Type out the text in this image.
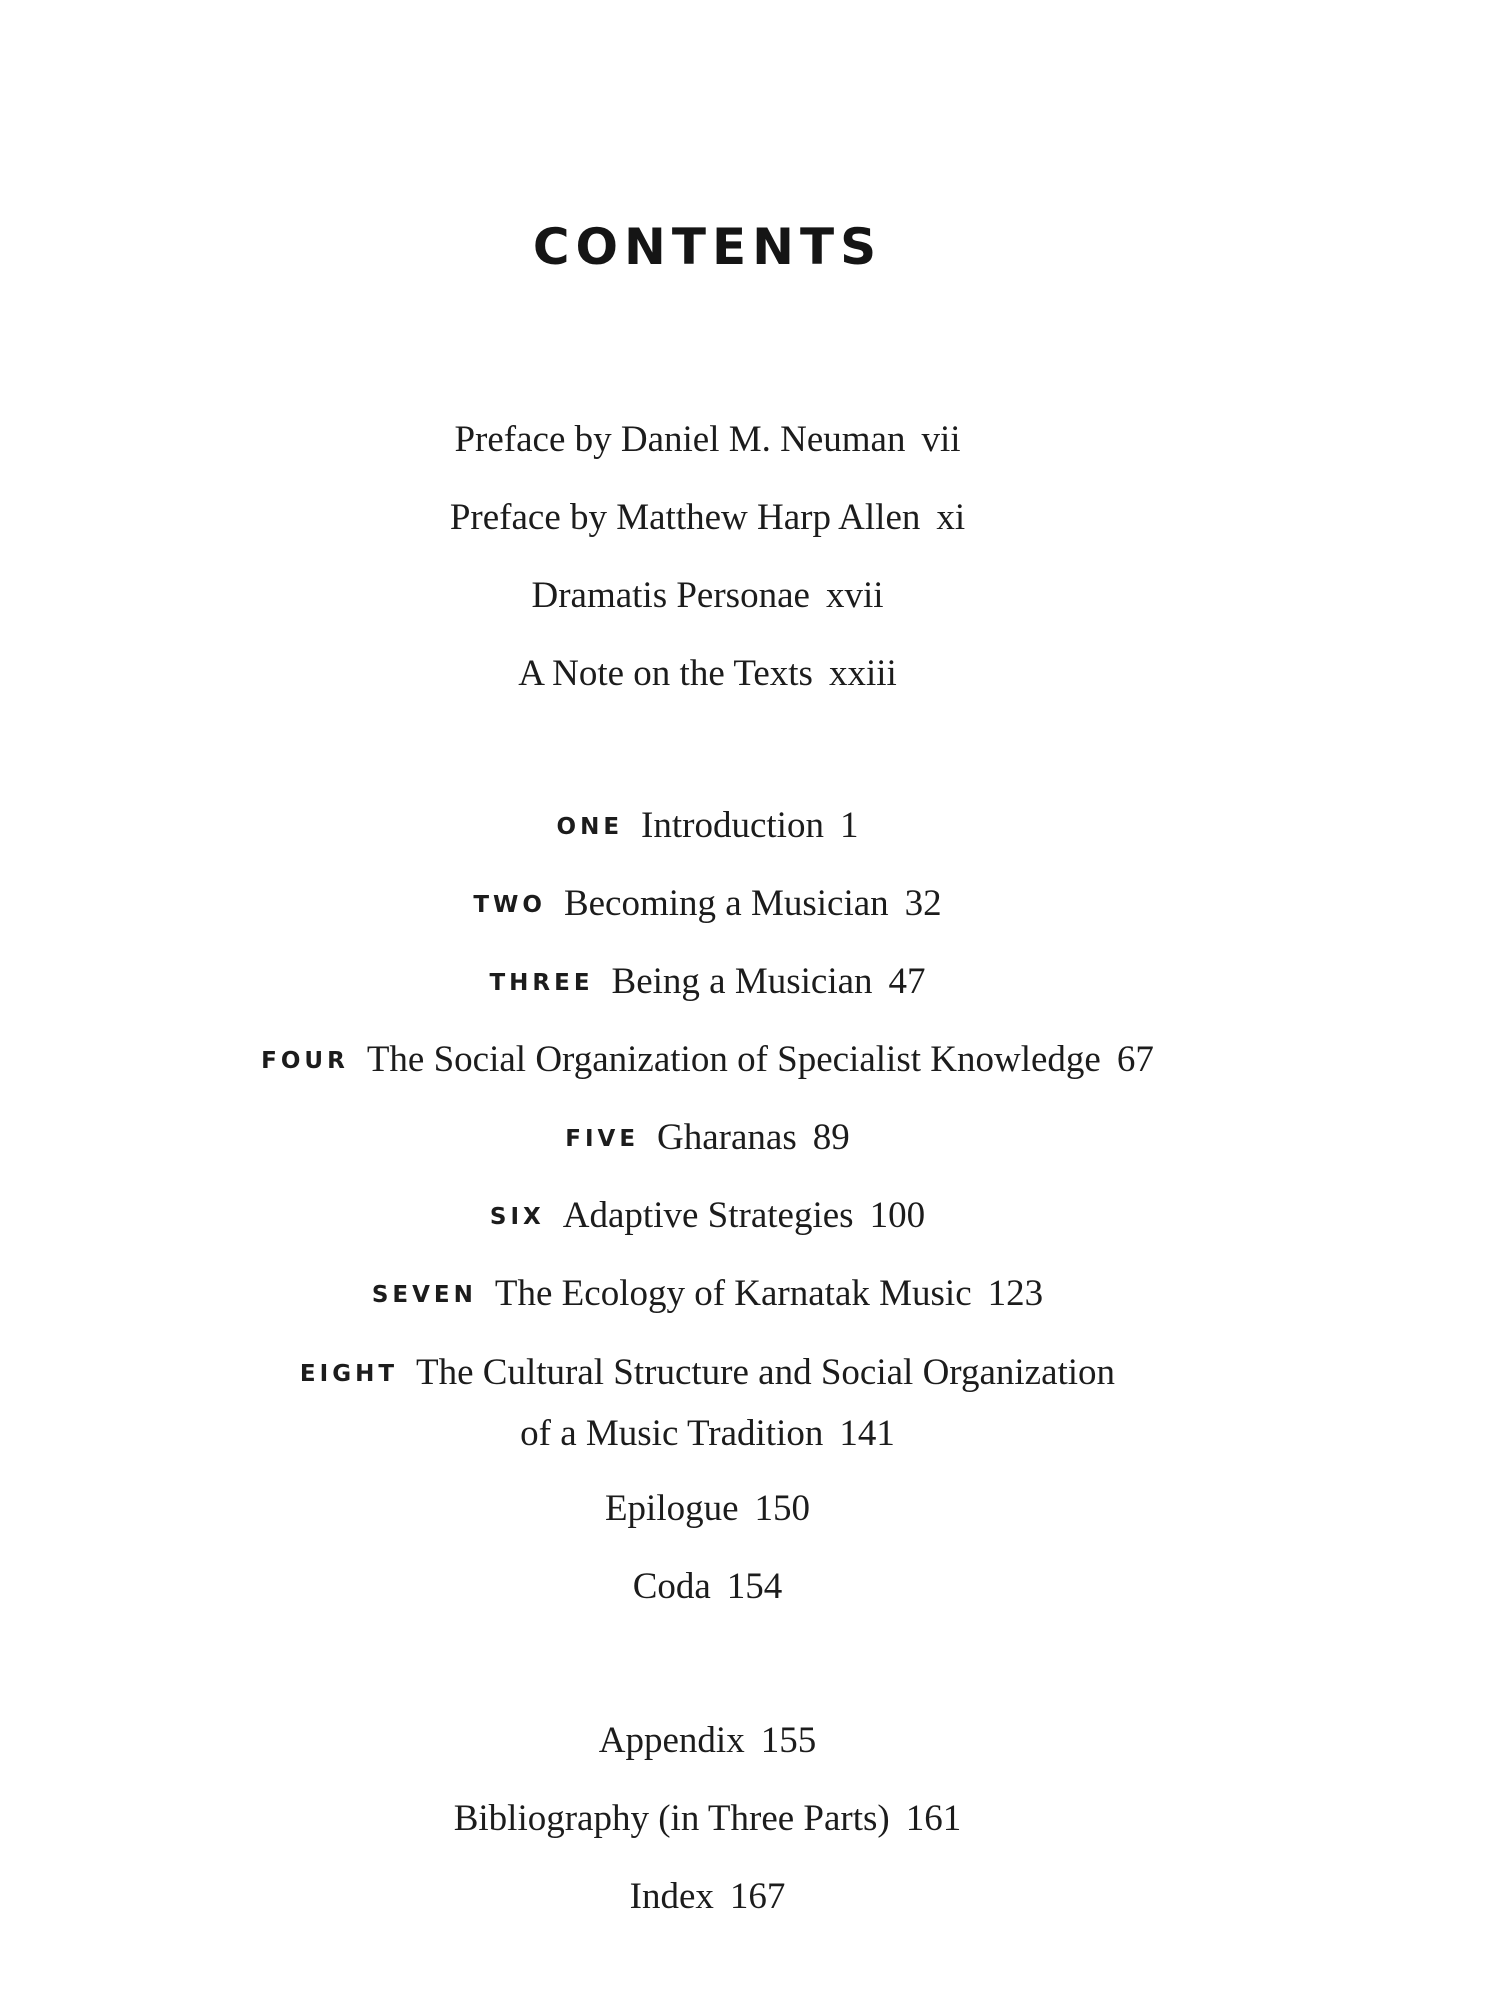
CONTENTS
Preface by Daniel M. Neuman vii
Preface by Matthew Harp Allen xi
Dramatis Personae xvii
A Note on the Texts xxiii
ONE Introduction 1
TWO Becoming a Musician 32
THREE Being a Musician 47
FOUR The Social Organization of Specialist Knowledge 67
FIVE Gharanas 89
SIX Adaptive Strategies 100
SEVEN The Ecology of Karnatak Music 123
EIGHT The Cultural Structure and Social Organization
of a Music Tradition 141
Epilogue 150
Coda 154
Appendix 155
Bibliography (in Three Parts) 161
Index 167
